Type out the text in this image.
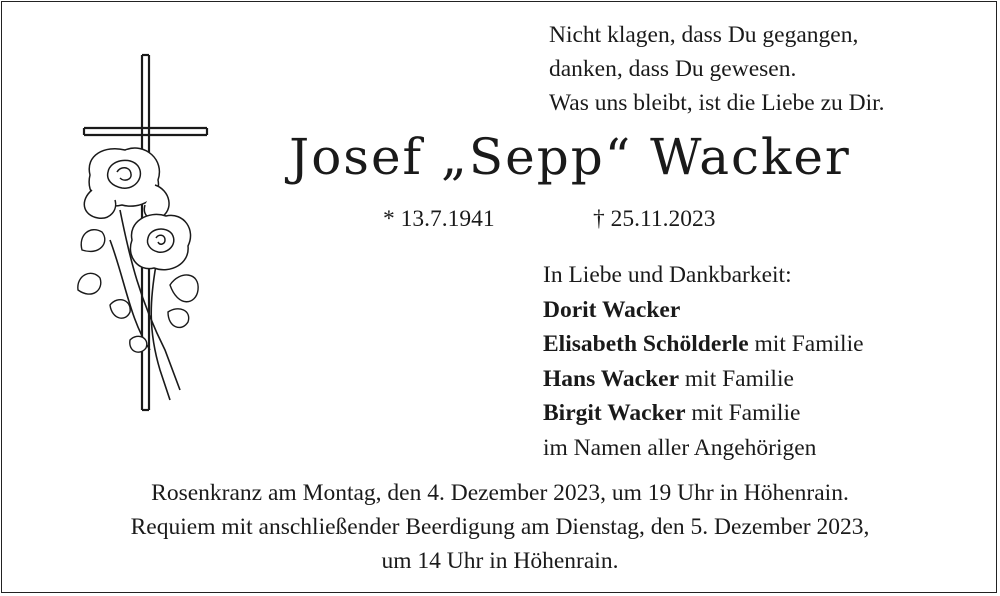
Nicht klagen, dass Du gegangen,
danken, dass Du gewesen.
Was uns bleibt, ist die Liebe zu Dir.
Josef „Sepp“ Wacker
* 13.7.1941	† 25.11.2023
In Liebe und Dankbarkeit:
Dorit Wacker
Elisabeth Schölderle mit Familie
Hans Wacker mit Familie
Birgit Wacker mit Familie
im Namen aller Angehörigen
Rosenkranz am Montag, den 4. Dezember 2023, um 19 Uhr in Höhenrain.
Requiem mit anschließender Beerdigung am Dienstag, den 5. Dezember 2023,
um 14 Uhr in Höhenrain.
